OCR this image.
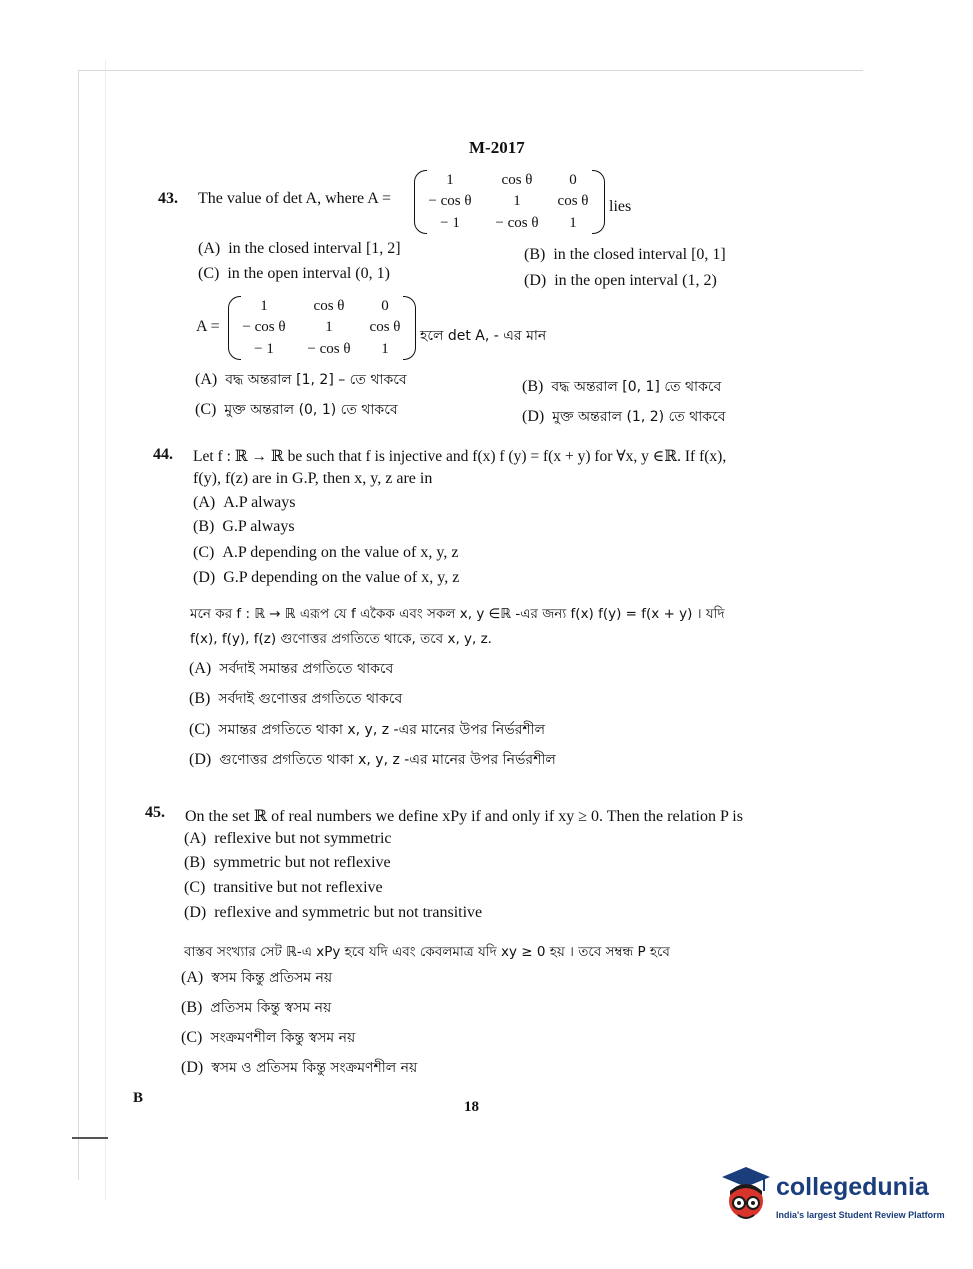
M-2017
43. The value of det A, where A =
1	cos θ	0
− cos θ	1	cos θ
− 1	− cos θ	1
lies
(A) in the closed interval [1, 2]	(B) in the closed interval [0, 1]
(C) in the open interval (0, 1)	(D) in the open interval (1, 2)
A =
1	cos θ	0
− cos θ	1	cos θ
− 1	− cos θ	1
হলে det A, - এর মান
(A) বদ্ধ অন্তরাল [1, 2] – তে থাকবে	(B) বদ্ধ অন্তরাল [0, 1] তে থাকবে
(C) মুক্ত অন্তরাল (0, 1) তে থাকবে	(D) মুক্ত অন্তরাল (1, 2) তে থাকবে
44. Let f : ℝ → ℝ be such that f is injective and f(x) f (y) = f(x + y) for ∀x, y ∈ℝ. If f(x),
f(y), f(z) are in G.P, then x, y, z are in
(A) A.P always
(B) G.P always
(C) A.P depending on the value of x, y, z
(D) G.P depending on the value of x, y, z
মনে কর f : ℝ → ℝ এরূপ যে f একৈক এবং সকল x, y ∈ℝ -এর জন্য f(x) f(y) = f(x + y) । যদি
f(x), f(y), f(z) গুণোত্তর প্রগতিতে থাকে, তবে x, y, z.
(A) সর্বদাই সমান্তর প্রগতিতে থাকবে
(B) সর্বদাই গুণোত্তর প্রগতিতে থাকবে
(C) সমান্তর প্রগতিতে থাকা x, y, z -এর মানের উপর নির্ভরশীল
(D) গুণোত্তর প্রগতিতে থাকা x, y, z -এর মানের উপর নির্ভরশীল
45. On the set ℝ of real numbers we define xPy if and only if xy ≥ 0. Then the relation P is
(A) reflexive but not symmetric
(B) symmetric but not reflexive
(C) transitive but not reflexive
(D) reflexive and symmetric but not transitive
বাস্তব সংখ্যার সেট ℝ-এ xPy হবে যদি এবং কেবলমাত্র যদি xy ≥ 0 হয় । তবে সম্বন্ধ P হবে
(A) স্বসম কিন্তু প্রতিসম নয়
(B) প্রতিসম কিন্তু স্বসম নয়
(C) সংক্রমণশীল কিন্তু স্বসম নয়
(D) স্বসম ও প্রতিসম কিন্তু সংক্রমণশীল নয়
B
18
collegedunia
India's largest Student Review Platform
